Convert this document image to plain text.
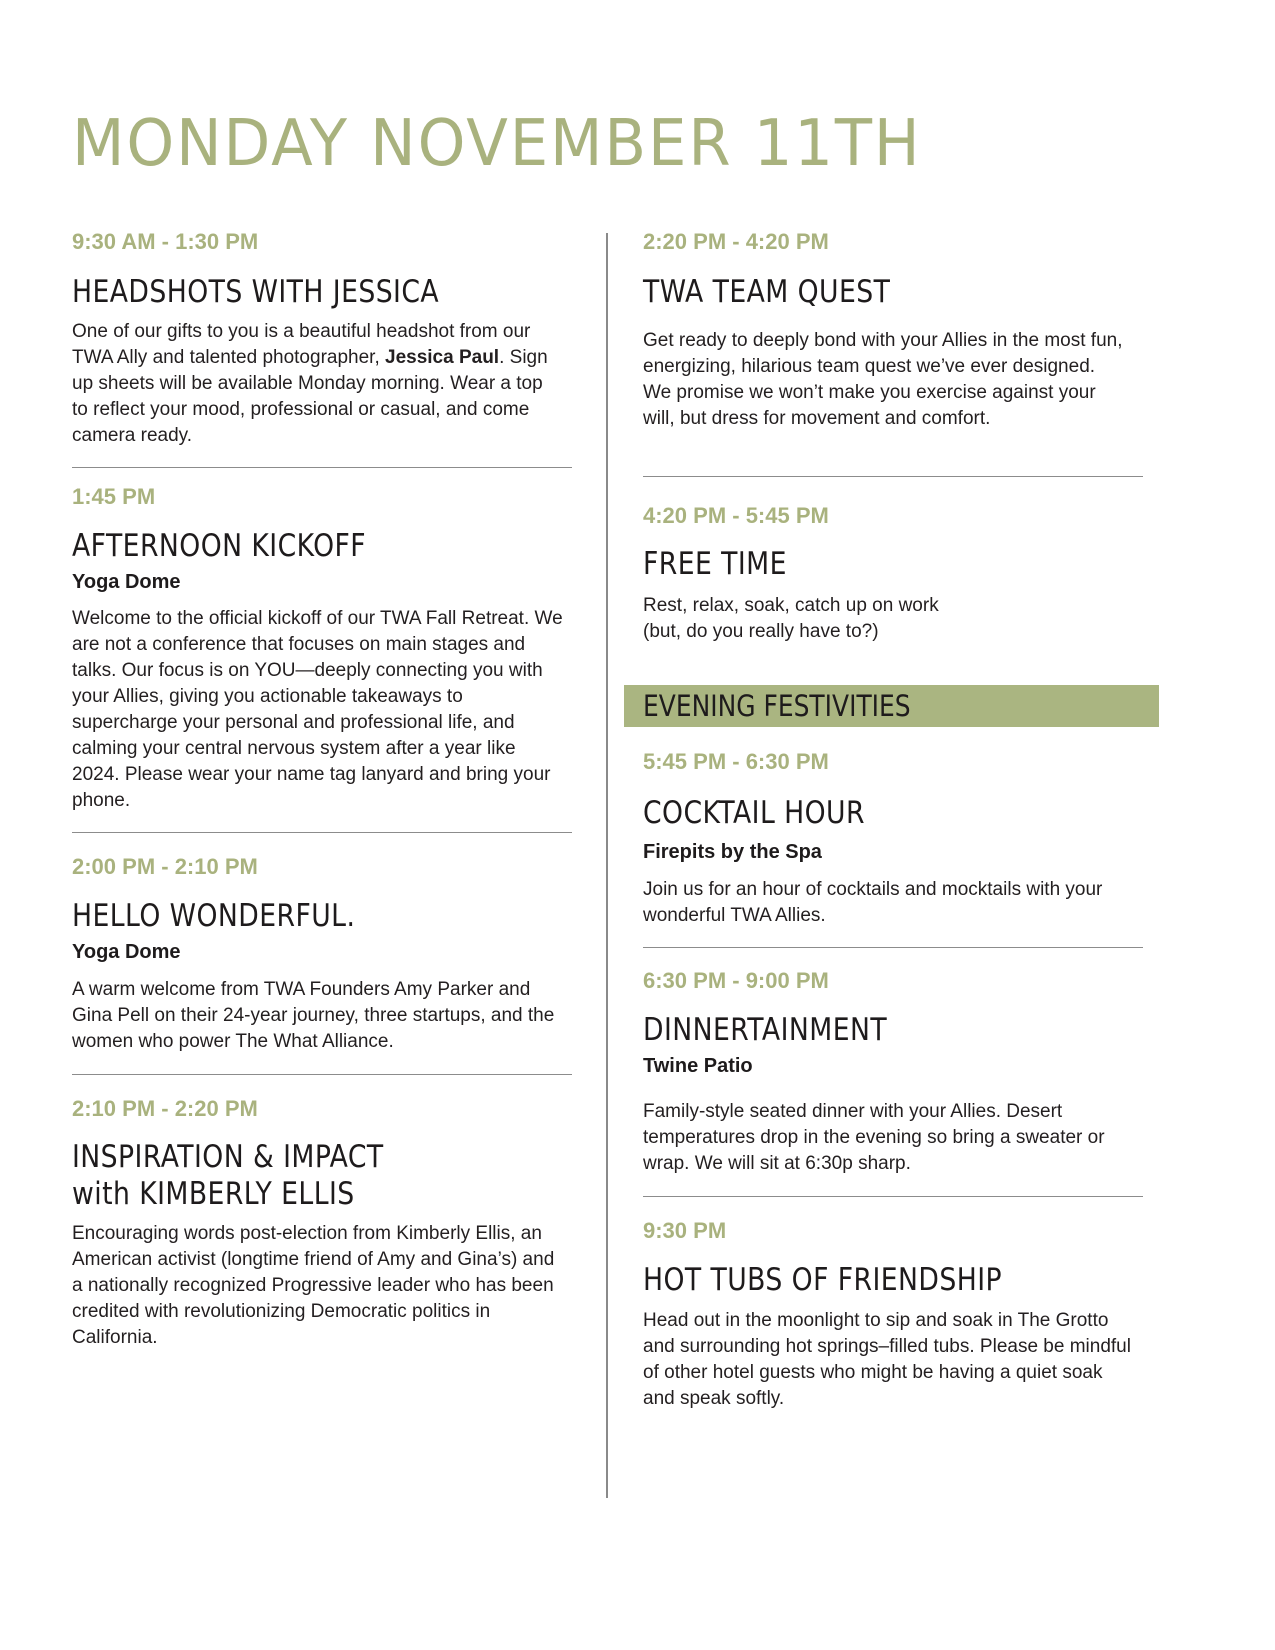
MONDAY NOVEMBER 11TH
9:30 AM - 1:30 PM
HEADSHOTS WITH JESSICA

One of our gifts to you is a beautiful headshot from our TWA Ally and talented photographer, Jessica Paul. Sign up sheets will be available Monday morning. Wear a top to reflect your mood, professional or casual, and come camera ready.

1:45 PM
AFTERNOON KICKOFF
Yoga Dome

Welcome to the official kickoff of our TWA Fall Retreat. We are not a conference that focuses on main stages and talks. Our focus is on YOU—deeply connecting you with your Allies, giving you actionable takeaways to supercharge your personal and professional life, and calming your central nervous system after a year like 2024. Please wear your name tag lanyard and bring your phone.

2:00 PM - 2:10 PM
HELLO WONDERFUL.
Yoga Dome

A warm welcome from TWA Founders Amy Parker and Gina Pell on their 24-year journey, three startups, and the women who power The What Alliance.

2:10 PM - 2:20 PM
INSPIRATION & IMPACT
with KIMBERLY ELLIS

Encouraging words post-election from Kimberly Ellis, an American activist (longtime friend of Amy and Gina’s) and a nationally recognized Progressive leader who has been credited with revolutionizing Democratic politics in California.

2:20 PM - 4:20 PM
TWA TEAM QUEST

Get ready to deeply bond with your Allies in the most fun, energizing, hilarious team quest we’ve ever designed. We promise we won’t make you exercise against your will, but dress for movement and comfort.

4:20 PM - 5:45 PM
FREE TIME

Rest, relax, soak, catch up on work
(but, do you really have to?)

EVENING FESTIVITIES
5:45 PM - 6:30 PM
COCKTAIL HOUR
Firepits by the Spa

Join us for an hour of cocktails and mocktails with your wonderful TWA Allies.

6:30 PM - 9:00 PM
DINNERTAINMENT
Twine Patio

Family-style seated dinner with your Allies. Desert temperatures drop in the evening so bring a sweater or wrap. We will sit at 6:30p sharp.

9:30 PM
HOT TUBS OF FRIENDSHIP

Head out in the moonlight to sip and soak in The Grotto and surrounding hot springs–filled tubs. Please be mindful of other hotel guests who might be having a quiet soak and speak softly.
